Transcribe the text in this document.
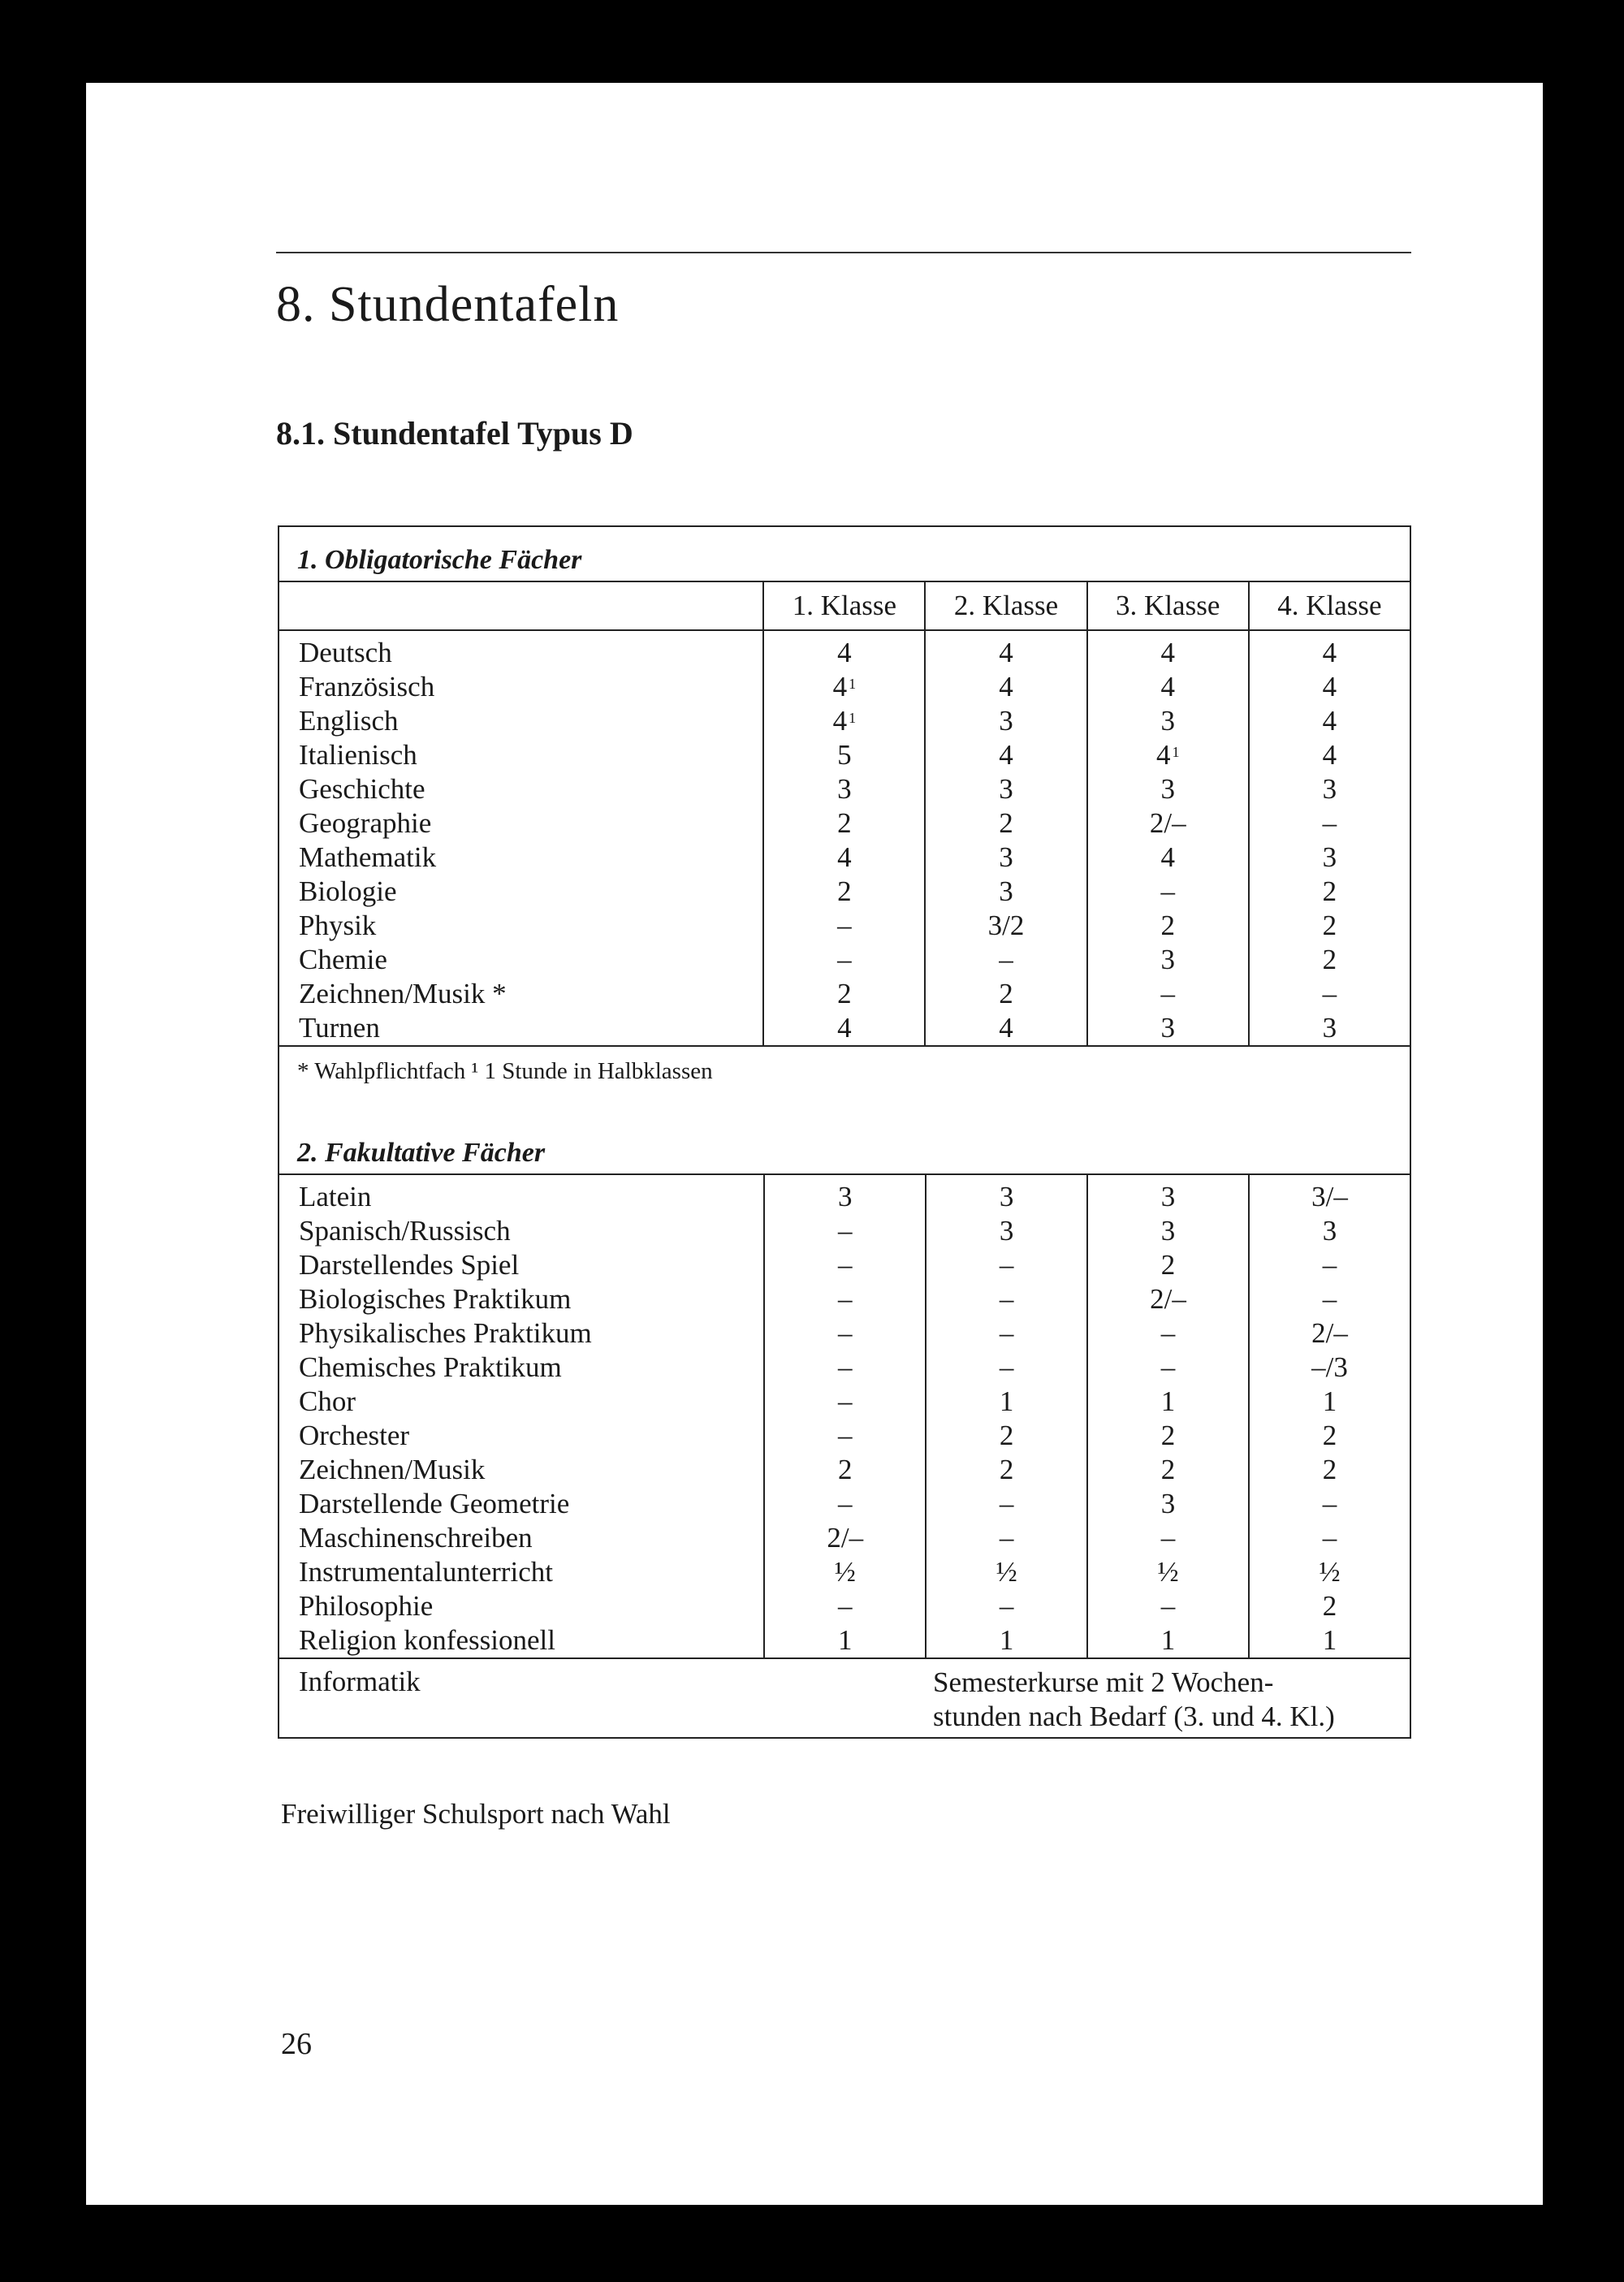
8. Stundentafeln
8.1. Stundentafel Typus D
1. Obligatorische Fächer
	1. Klasse	2. Klasse	3. Klasse	4. Klasse
Deutsch	4	4	4	4
Französisch	4 $^1$	4	4	4
Englisch	4 $^1$	3	3	4
Italienisch	5	4	4 $^1$	4
Geschichte	3	3	3	3
Geographie	2	2	2/–	–
Mathematik	4	3	4	3
Biologie	2	3	–	2
Physik	–	3/2	2	2
Chemie	–	–	3	2
Zeichnen/Musik *	2	2	–	–
Turnen	4	4	3	3
* Wahlpflichtfach ¹ 1 Stunde in Halbklassen
2. Fakultative Fächer
Latein	3	3	3	3/–
Spanisch/Russisch	–	3	3	3
Darstellendes Spiel	–	–	2	–
Biologisches Praktikum	–	–	2/–	–
Physikalisches Praktikum	–	–	–	2/–
Chemisches Praktikum	–	–	–	–/3
Chor	–	1	1	1
Orchester	–	2	2	2
Zeichnen/Musik	2	2	2	2
Darstellende Geometrie	–	–	3	–
Maschinenschreiben	2/–	–	–	–
Instrumentalunterricht	½	½	½	½
Philosophie	–	–	–	2
Religion konfessionell	1	1	1	1
Informatik	Semesterkurse mit 2 Wochen-
stunden nach Bedarf (3. und 4. Kl.)
Freiwilliger Schulsport nach Wahl
26
